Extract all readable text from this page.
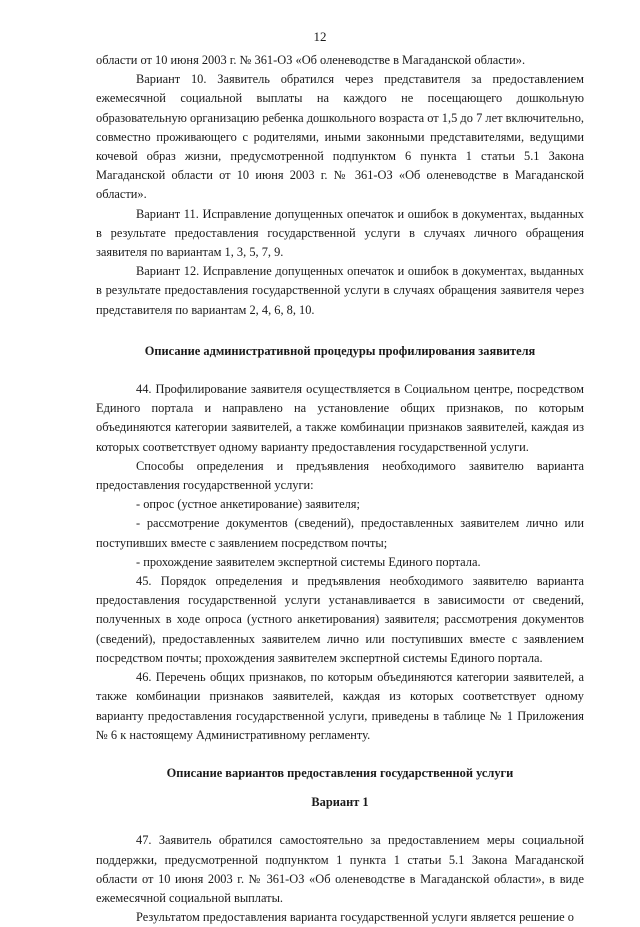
12

области от 10 июня 2003 г. № 361-ОЗ «Об оленеводстве в Магаданской области».

Вариант 10. Заявитель обратился через представителя за предоставлением ежемесячной социальной выплаты на каждого не посещающего дошкольную образовательную организацию ребенка дошкольного возраста от 1,5 до 7 лет включительно, совместно проживающего с родителями, иными законными представителями, ведущими кочевой образ жизни, предусмотренной подпунктом 6 пункта 1 статьи 5.1 Закона Магаданской области от 10 июня 2003 г. № 361-ОЗ «Об оленеводстве в Магаданской области».

Вариант 11. Исправление допущенных опечаток и ошибок в документах, выданных в результате предоставления государственной услуги в случаях личного обращения заявителя по вариантам 1, 3, 5, 7, 9.

Вариант 12. Исправление допущенных опечаток и ошибок в документах, выданных в результате предоставления государственной услуги в случаях обращения заявителя через представителя по вариантам 2, 4, 6, 8, 10.

Описание административной процедуры профилирования заявителя

44. Профилирование заявителя осуществляется в Социальном центре, посредством Единого портала и направлено на установление общих признаков, по которым объединяются категории заявителей, а также комбинации признаков заявителей, каждая из которых соответствует одному варианту предоставления государственной услуги.

Способы определения и предъявления необходимого заявителю варианта предоставления государственной услуги:

- опрос (устное анкетирование) заявителя;

- рассмотрение документов (сведений), предоставленных заявителем лично или поступивших вместе с заявлением посредством почты;

- прохождение заявителем экспертной системы Единого портала.

45. Порядок определения и предъявления необходимого заявителю варианта предоставления государственной услуги устанавливается в зависимости от сведений, полученных в ходе опроса (устного анкетирования) заявителя; рассмотрения документов (сведений), предоставленных заявителем лично или поступивших вместе с заявлением посредством почты; прохождения заявителем экспертной системы Единого портала.

46. Перечень общих признаков, по которым объединяются категории заявителей, а также комбинации признаков заявителей, каждая из которых соответствует одному варианту предоставления государственной услуги, приведены в таблице № 1 Приложения № 6 к настоящему Административному регламенту.

Описание вариантов предоставления государственной услуги
Вариант 1

47. Заявитель обратился самостоятельно за предоставлением меры социальной поддержки, предусмотренной подпунктом 1 пункта 1 статьи 5.1 Закона Магаданской области от 10 июня 2003 г. № 361-ОЗ «Об оленеводстве в Магаданской области», в виде ежемесячной социальной выплаты.

Результатом предоставления варианта государственной услуги является решение о
